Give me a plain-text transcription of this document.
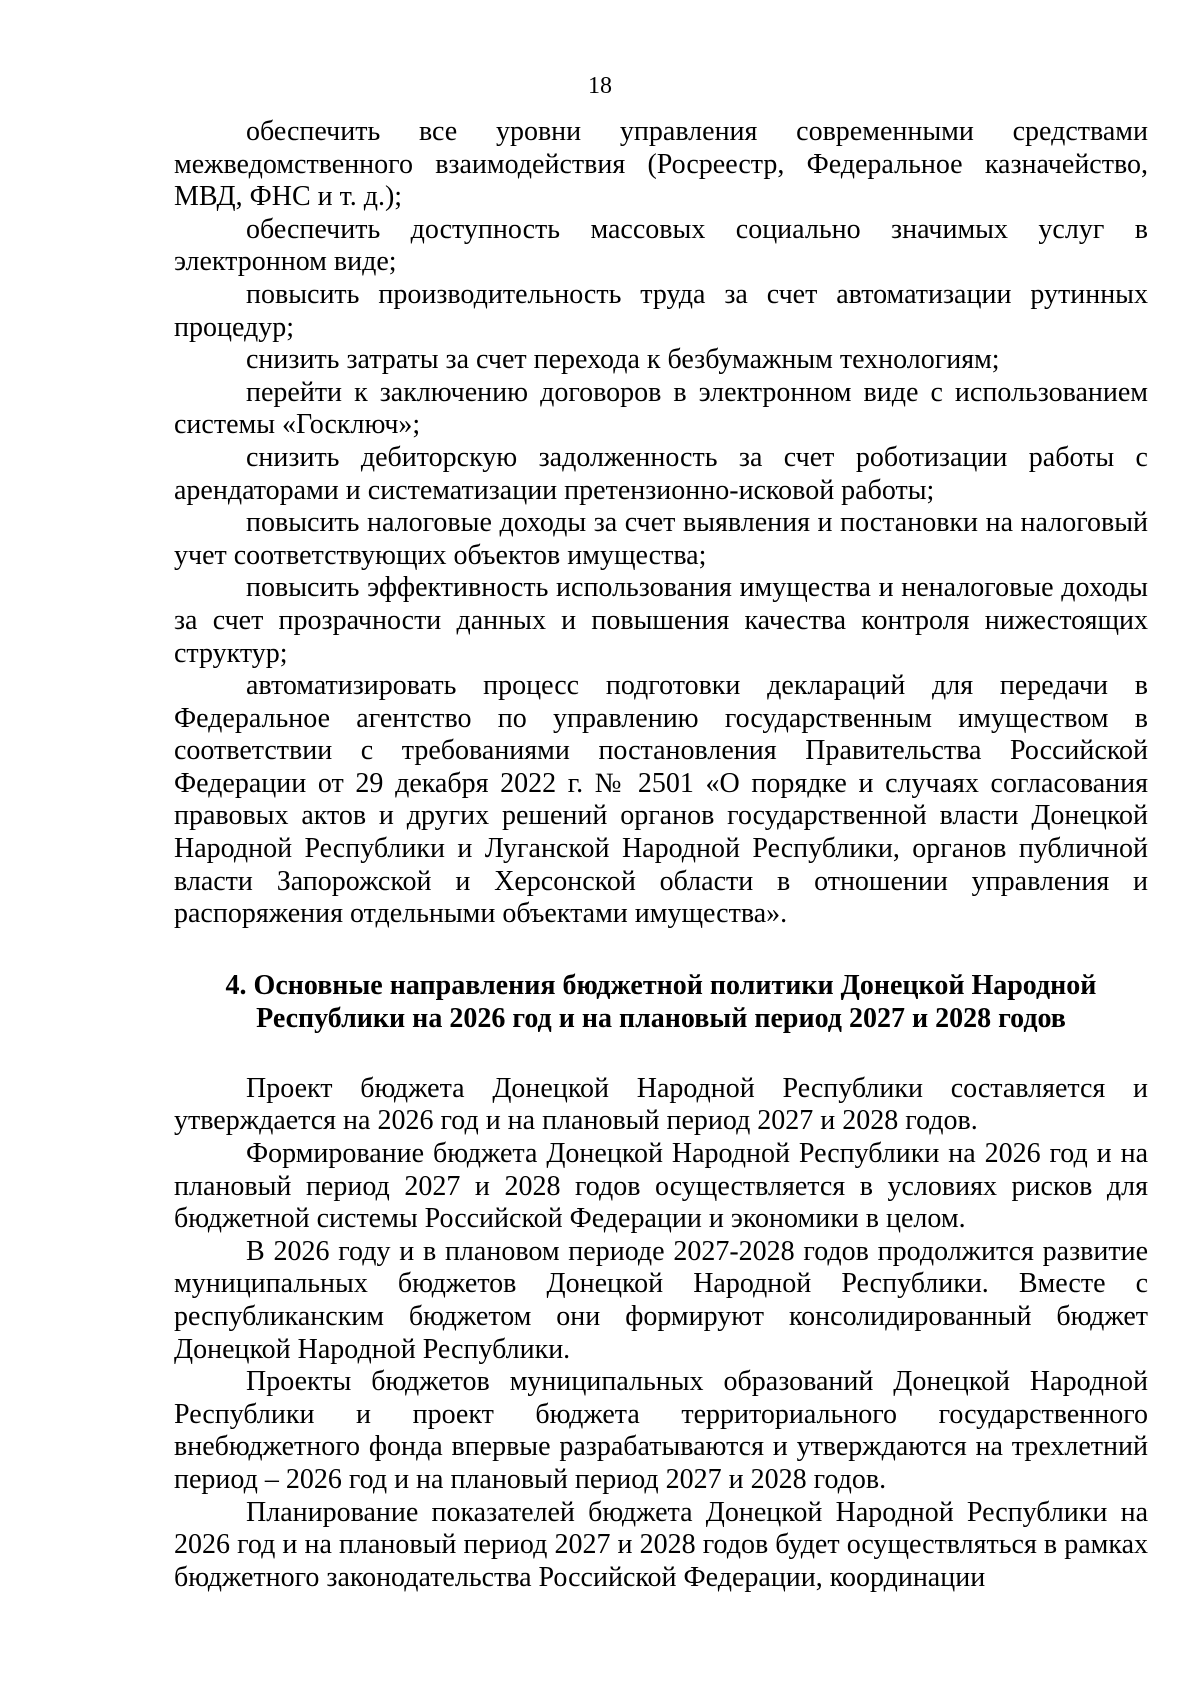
18

обеспечить все уровни управления современными средствами межведомственного взаимодействия (Росреестр, Федеральное казначейство, МВД, ФНС и т. д.);

обеспечить доступность массовых социально значимых услуг в электронном виде;

повысить производительность труда за счет автоматизации рутинных процедур;

снизить затраты за счет перехода к безбумажным технологиям;

перейти к заключению договоров в электронном виде с использованием системы «Госключ»;

снизить дебиторскую задолженность за счет роботизации работы с арендаторами и систематизации претензионно-исковой работы;

повысить налоговые доходы за счет выявления и постановки на налоговый учет соответствующих объектов имущества;

повысить эффективность использования имущества и неналоговые доходы за счет прозрачности данных и повышения качества контроля нижестоящих структур;

автоматизировать процесс подготовки деклараций для передачи в Федеральное агентство по управлению государственным имуществом в соответствии с требованиями постановления Правительства Российской Федерации от 29 декабря 2022 г. № 2501 «О порядке и случаях согласования правовых актов и других решений органов государственной власти Донецкой Народной Республики и Луганской Народной Республики, органов публичной власти Запорожской и Херсонской области в отношении управления и распоряжения отдельными объектами имущества».

4. Основные направления бюджетной политики Донецкой Народной Республики на 2026 год и на плановый период 2027 и 2028 годов

Проект бюджета Донецкой Народной Республики составляется и утверждается на 2026 год и на плановый период 2027 и 2028 годов.

Формирование бюджета Донецкой Народной Республики на 2026 год и на плановый период 2027 и 2028 годов осуществляется в условиях рисков для бюджетной системы Российской Федерации и экономики в целом.

В 2026 году и в плановом периоде 2027-2028 годов продолжится развитие муниципальных бюджетов Донецкой Народной Республики. Вместе с республиканским бюджетом они формируют консолидированный бюджет Донецкой Народной Республики.

Проекты бюджетов муниципальных образований Донецкой Народной Республики и проект бюджета территориального государственного внебюджетного фонда впервые разрабатываются и утверждаются на трехлетний период – 2026 год и на плановый период 2027 и 2028 годов.

Планирование показателей бюджета Донецкой Народной Республики на 2026 год и на плановый период 2027 и 2028 годов будет осуществляться в рамках бюджетного законодательства Российской Федерации, координации
